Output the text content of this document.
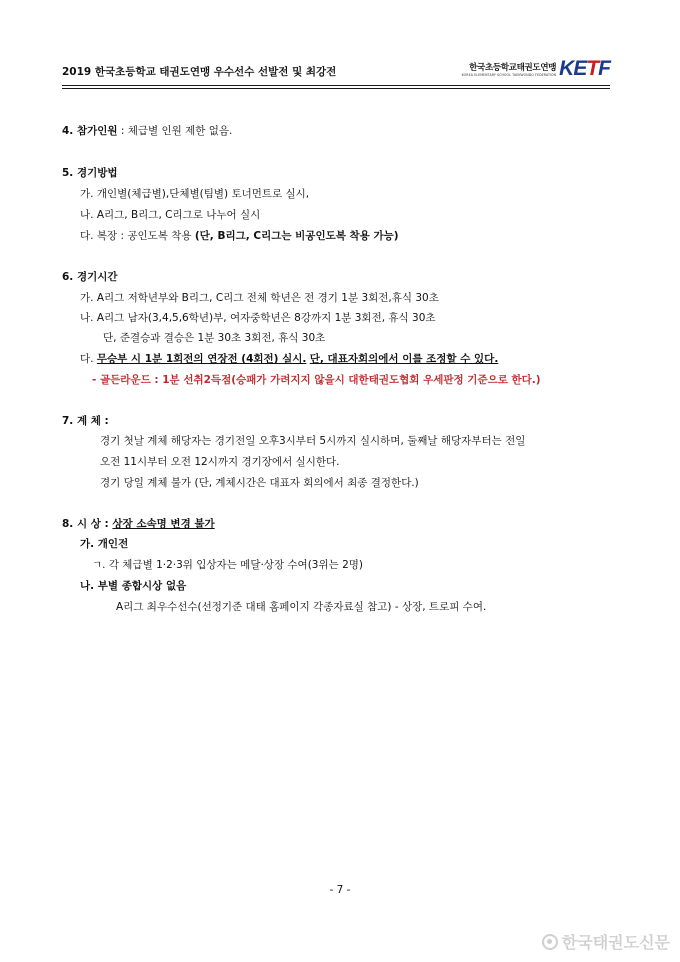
2019 한국초등학교 태권도연맹 우수선수 선발전 및 최강전	한국초등학교태권도연맹
KOREA ELEMENTARY SCHOOL TAEKWONDO FEDERATION KETF
4. 참가인원 : 체급별 인원 제한 없음.
5. 경기방법
가. 개인별(체급별),단체별(팀별) 토너먼트로 실시,
나. A리그, B리그, C리그로 나누어 실시
다. 복장 : 공인도복 착용 (단, B리그, C리그는 비공인도복 착용 가능)
6. 경기시간
가. A리그 저학년부와 B리그, C리그 전체 학년은 전 경기 1분 3회전,휴식 30초
나. A리그 남자(3,4,5,6학년)부, 여자중학년은 8강까지 1분 3회전, 휴식 30초
단, 준결승과 결승은 1분 30초 3회전, 휴식 30초
다. 무승부 시 1분 1회전의 연장전 (4회전) 실시. 단, 대표자회의에서 이를 조정할 수 있다.
- 골든라운드 : 1분 선취2득점(승패가 가려지지 않을시 대한태권도협회 우세판정 기준으로 한다.)
7. 계 체 :
경기 첫날 계체 해당자는 경기전일 오후3시부터 5시까지 실시하며, 둘째날 해당자부터는 전일
오전 11시부터 오전 12시까지 경기장에서 실시한다.
경기 당일 계체 불가 (단, 계체시간은 대표자 회의에서 최종 결정한다.)
8. 시 상 : 상장 소속명 변경 불가
가. 개인전
ㄱ. 각 체급별 1·2·3위 입상자는 메달·상장 수여(3위는 2명)
나. 부별 종합시상 없음
A리그 최우수선수(선정기준 대태 홈페이지 각종자료실 참고) - 상장, 트로피 수여.
- 7 -
한국태권도신문
